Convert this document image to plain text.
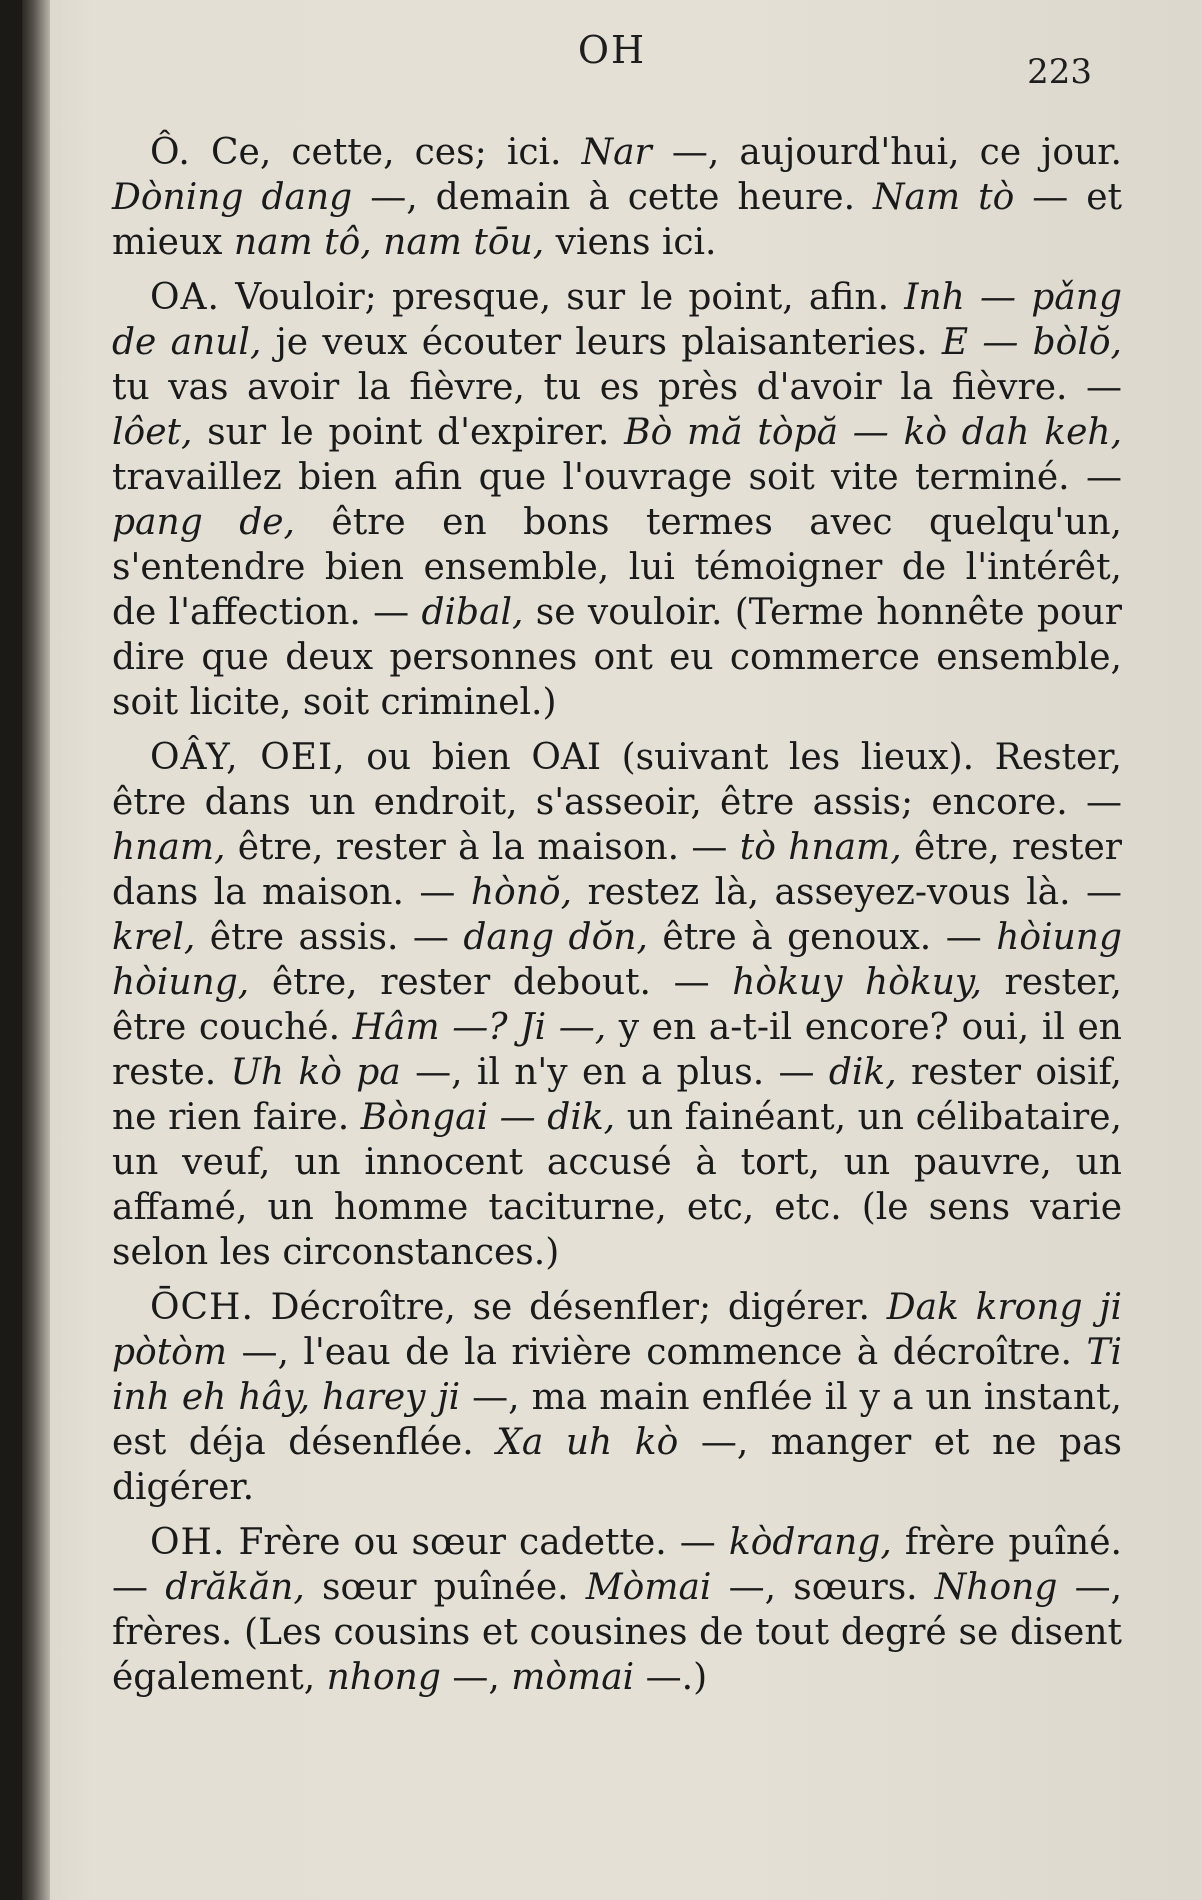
OH	223

Ô. Ce, cette, ces; ici. Nar —, aujourd'hui, ce jour. Dòning dang —, demain à cette heure. Nam tò — et mieux nam tô, nam tōu, viens ici.

OA. Vouloir; presque, sur le point, afin. Inh — pǎng de anul, je veux écouter leurs plaisanteries. E — bòlŏ, tu vas avoir la fièvre, tu es près d'avoir la fièvre. — lôet, sur le point d'expirer. Bò mă tòpă — kò dah keh, travaillez bien afin que l'ouvrage soit vite terminé. — pang de, être en bons termes avec quelqu'un, s'entendre bien ensemble, lui témoigner de l'intérêt, de l'affection. — dibal, se vouloir. (Terme honnête pour dire que deux personnes ont eu commerce ensemble, soit licite, soit criminel.)

OÂY, OEI, ou bien OAI (suivant les lieux). Rester, être dans un endroit, s'asseoir, être assis; encore. — hnam, être, rester à la maison. — tò hnam, être, rester dans la maison. — hònŏ, restez là, asseyez-vous là. — krel, être assis. — dang dŏn, être à genoux. — hòiung hòiung, être, rester debout. — hòkuy hòkuy, rester, être couché. Hâm —? Ji —, y en a-t-il encore? oui, il en reste. Uh kò pa —, il n'y en a plus. — dik, rester oisif, ne rien faire. Bòngai — dik, un fainéant, un célibataire, un veuf, un innocent accusé à tort, un pauvre, un affamé, un homme taciturne, etc, etc. (le sens varie selon les circonstances.)

ŌCH. Décroître, se désenfler; digérer. Dak krong ji pòtòm —, l'eau de la rivière commence à décroître. Ti inh eh hây, harey ji —, ma main enflée il y a un instant, est déja désenflée. Xa uh kò —, manger et ne pas digérer.

OH. Frère ou sœur cadette. — kòdrang, frère puîné. — drăkăn, sœur puînée. Mòmai —, sœurs. Nhong —, frères. (Les cousins et cousines de tout degré se disent également, nhong —, mòmai —.)
